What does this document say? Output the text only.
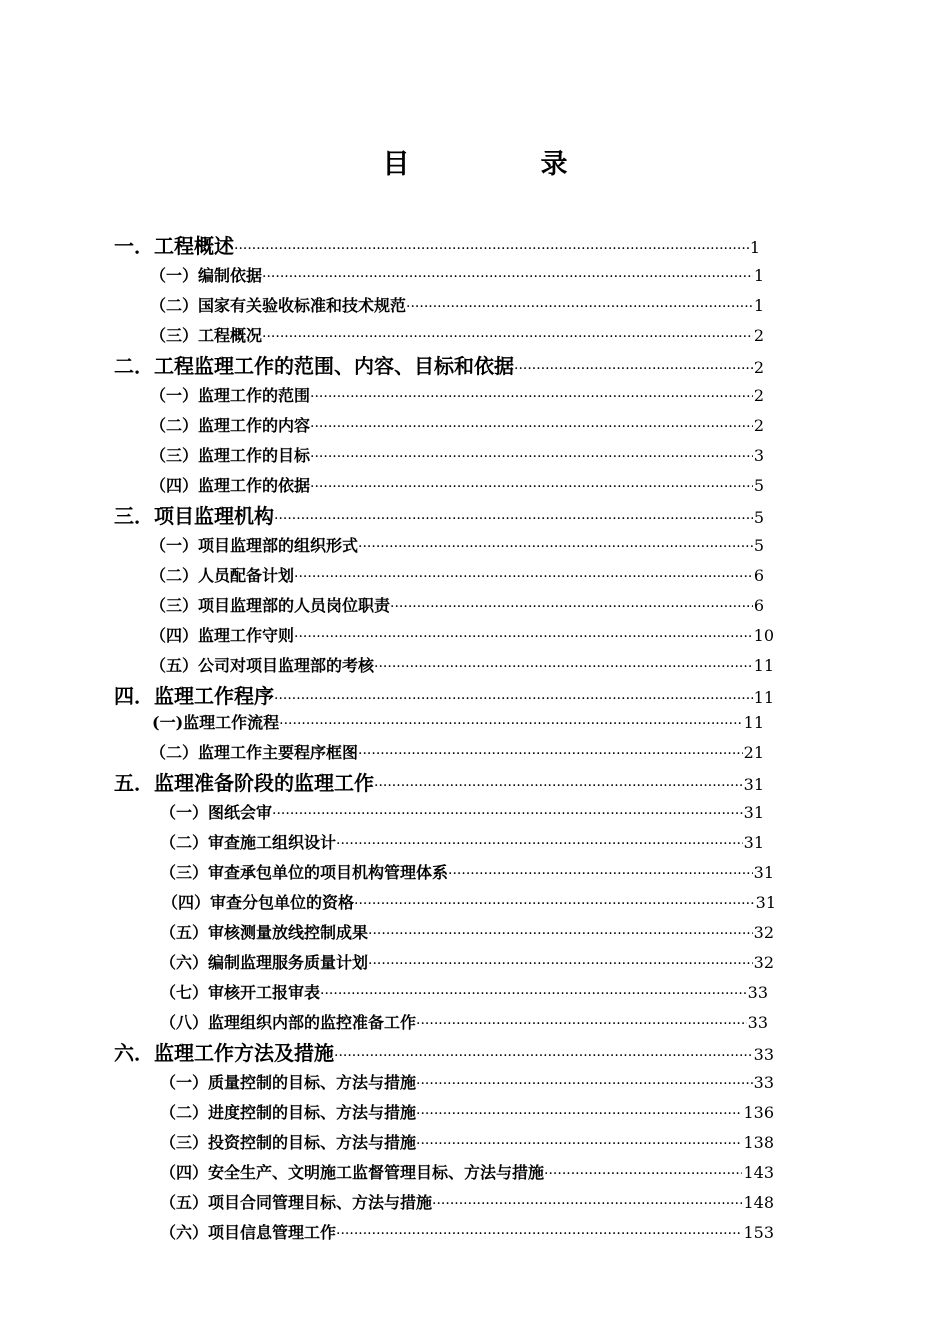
目　录
一．工程概述 ·····	1
（一）编制依据 ·····	1
（二）国家有关验收标准和技术规范 ·····	1
（三）工程概况 ·····	2
二．工程监理工作的范围、内容、目标和依据 ·····	2
（一）监理工作的范围 ·····	2
（二）监理工作的内容 ·····	2
（三）监理工作的目标 ·····	3
（四）监理工作的依据 ·····	5
三．项目监理机构 ·····	5
（一）项目监理部的组织形式 ·····	5
（二）人员配备计划 ·····	6
（三）项目监理部的人员岗位职责 ·····	6
（四）监理工作守则 ·····	10
（五）公司对项目监理部的考核 ·····	11
四．监理工作程序 ·····	11
(一)监理工作流程 ·····	11
（二）监理工作主要程序框图 ·····	21
五．监理准备阶段的监理工作 ·····	31
（一）图纸会审 ·····	31
（二）审查施工组织设计 ·····	31
（三）审查承包单位的项目机构管理体系 ·····	31
（四）审查分包单位的资格 ·····	31
（五）审核测量放线控制成果 ·····	32
（六）编制监理服务质量计划 ·····	32
（七）审核开工报审表 ·····	33
（八）监理组织内部的监控准备工作 ·····	33
六．监理工作方法及措施 ·····	33
（一）质量控制的目标、方法与措施 ·····	33
（二）进度控制的目标、方法与措施 ·····	136
（三）投资控制的目标、方法与措施 ·····	138
（四）安全生产、文明施工监督管理目标、方法与措施 ·····	143
（五）项目合同管理目标、方法与措施 ·····	148
（六）项目信息管理工作 ·····	153
